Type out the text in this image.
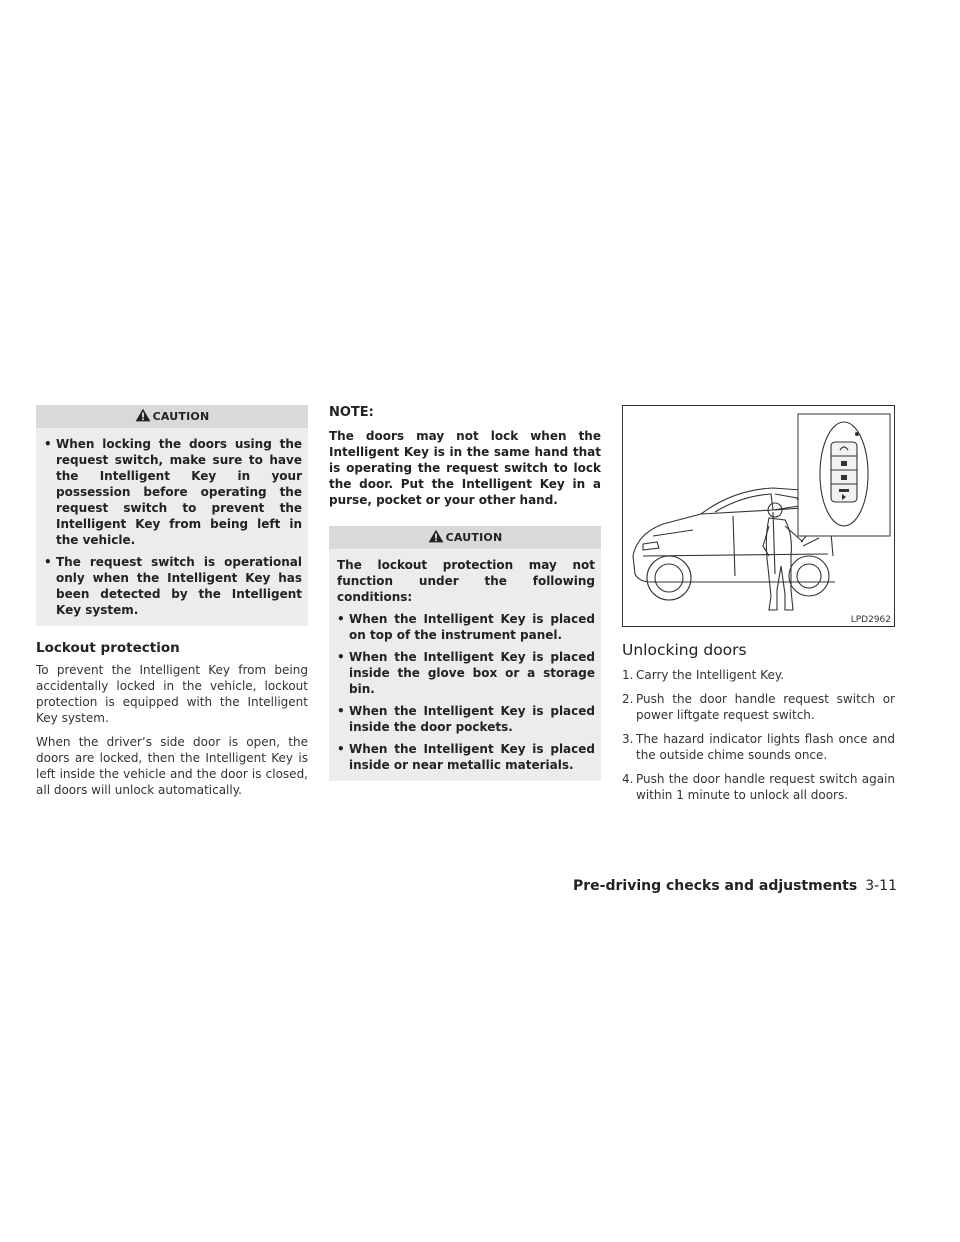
CAUTION
• When locking the doors using the request switch, make sure to have the Intelligent Key in your possession before operating the request switch to prevent the Intelligent Key from being left in the vehicle.
• The request switch is operational only when the Intelligent Key has been detected by the Intelligent Key system.
Lockout protection

To prevent the Intelligent Key from being accidentally locked in the vehicle, lockout protection is equipped with the Intelligent Key system.

When the driver’s side door is open, the doors are locked, then the Intelligent Key is left inside the vehicle and the door is closed, all doors will unlock automatically.

NOTE:

The doors may not lock when the Intelligent Key is in the same hand that is operating the request switch to lock the door. Put the Intelligent Key in a purse, pocket or your other hand.

CAUTION

The lockout protection may not function under the following conditions:

• When the Intelligent Key is placed on top of the instrument panel.
• When the Intelligent Key is placed inside the glove box or a storage bin.
• When the Intelligent Key is placed inside the door pockets.
• When the Intelligent Key is placed inside or near metallic materials.
LPD2962
Unlocking doors
1. Carry the Intelligent Key.
2. Push the door handle request switch or power liftgate request switch.
3. The hazard indicator lights flash once and the outside chime sounds once.
4. Push the door handle request switch again within 1 minute to unlock all doors.
Pre-driving checks and adjustments 3-11
